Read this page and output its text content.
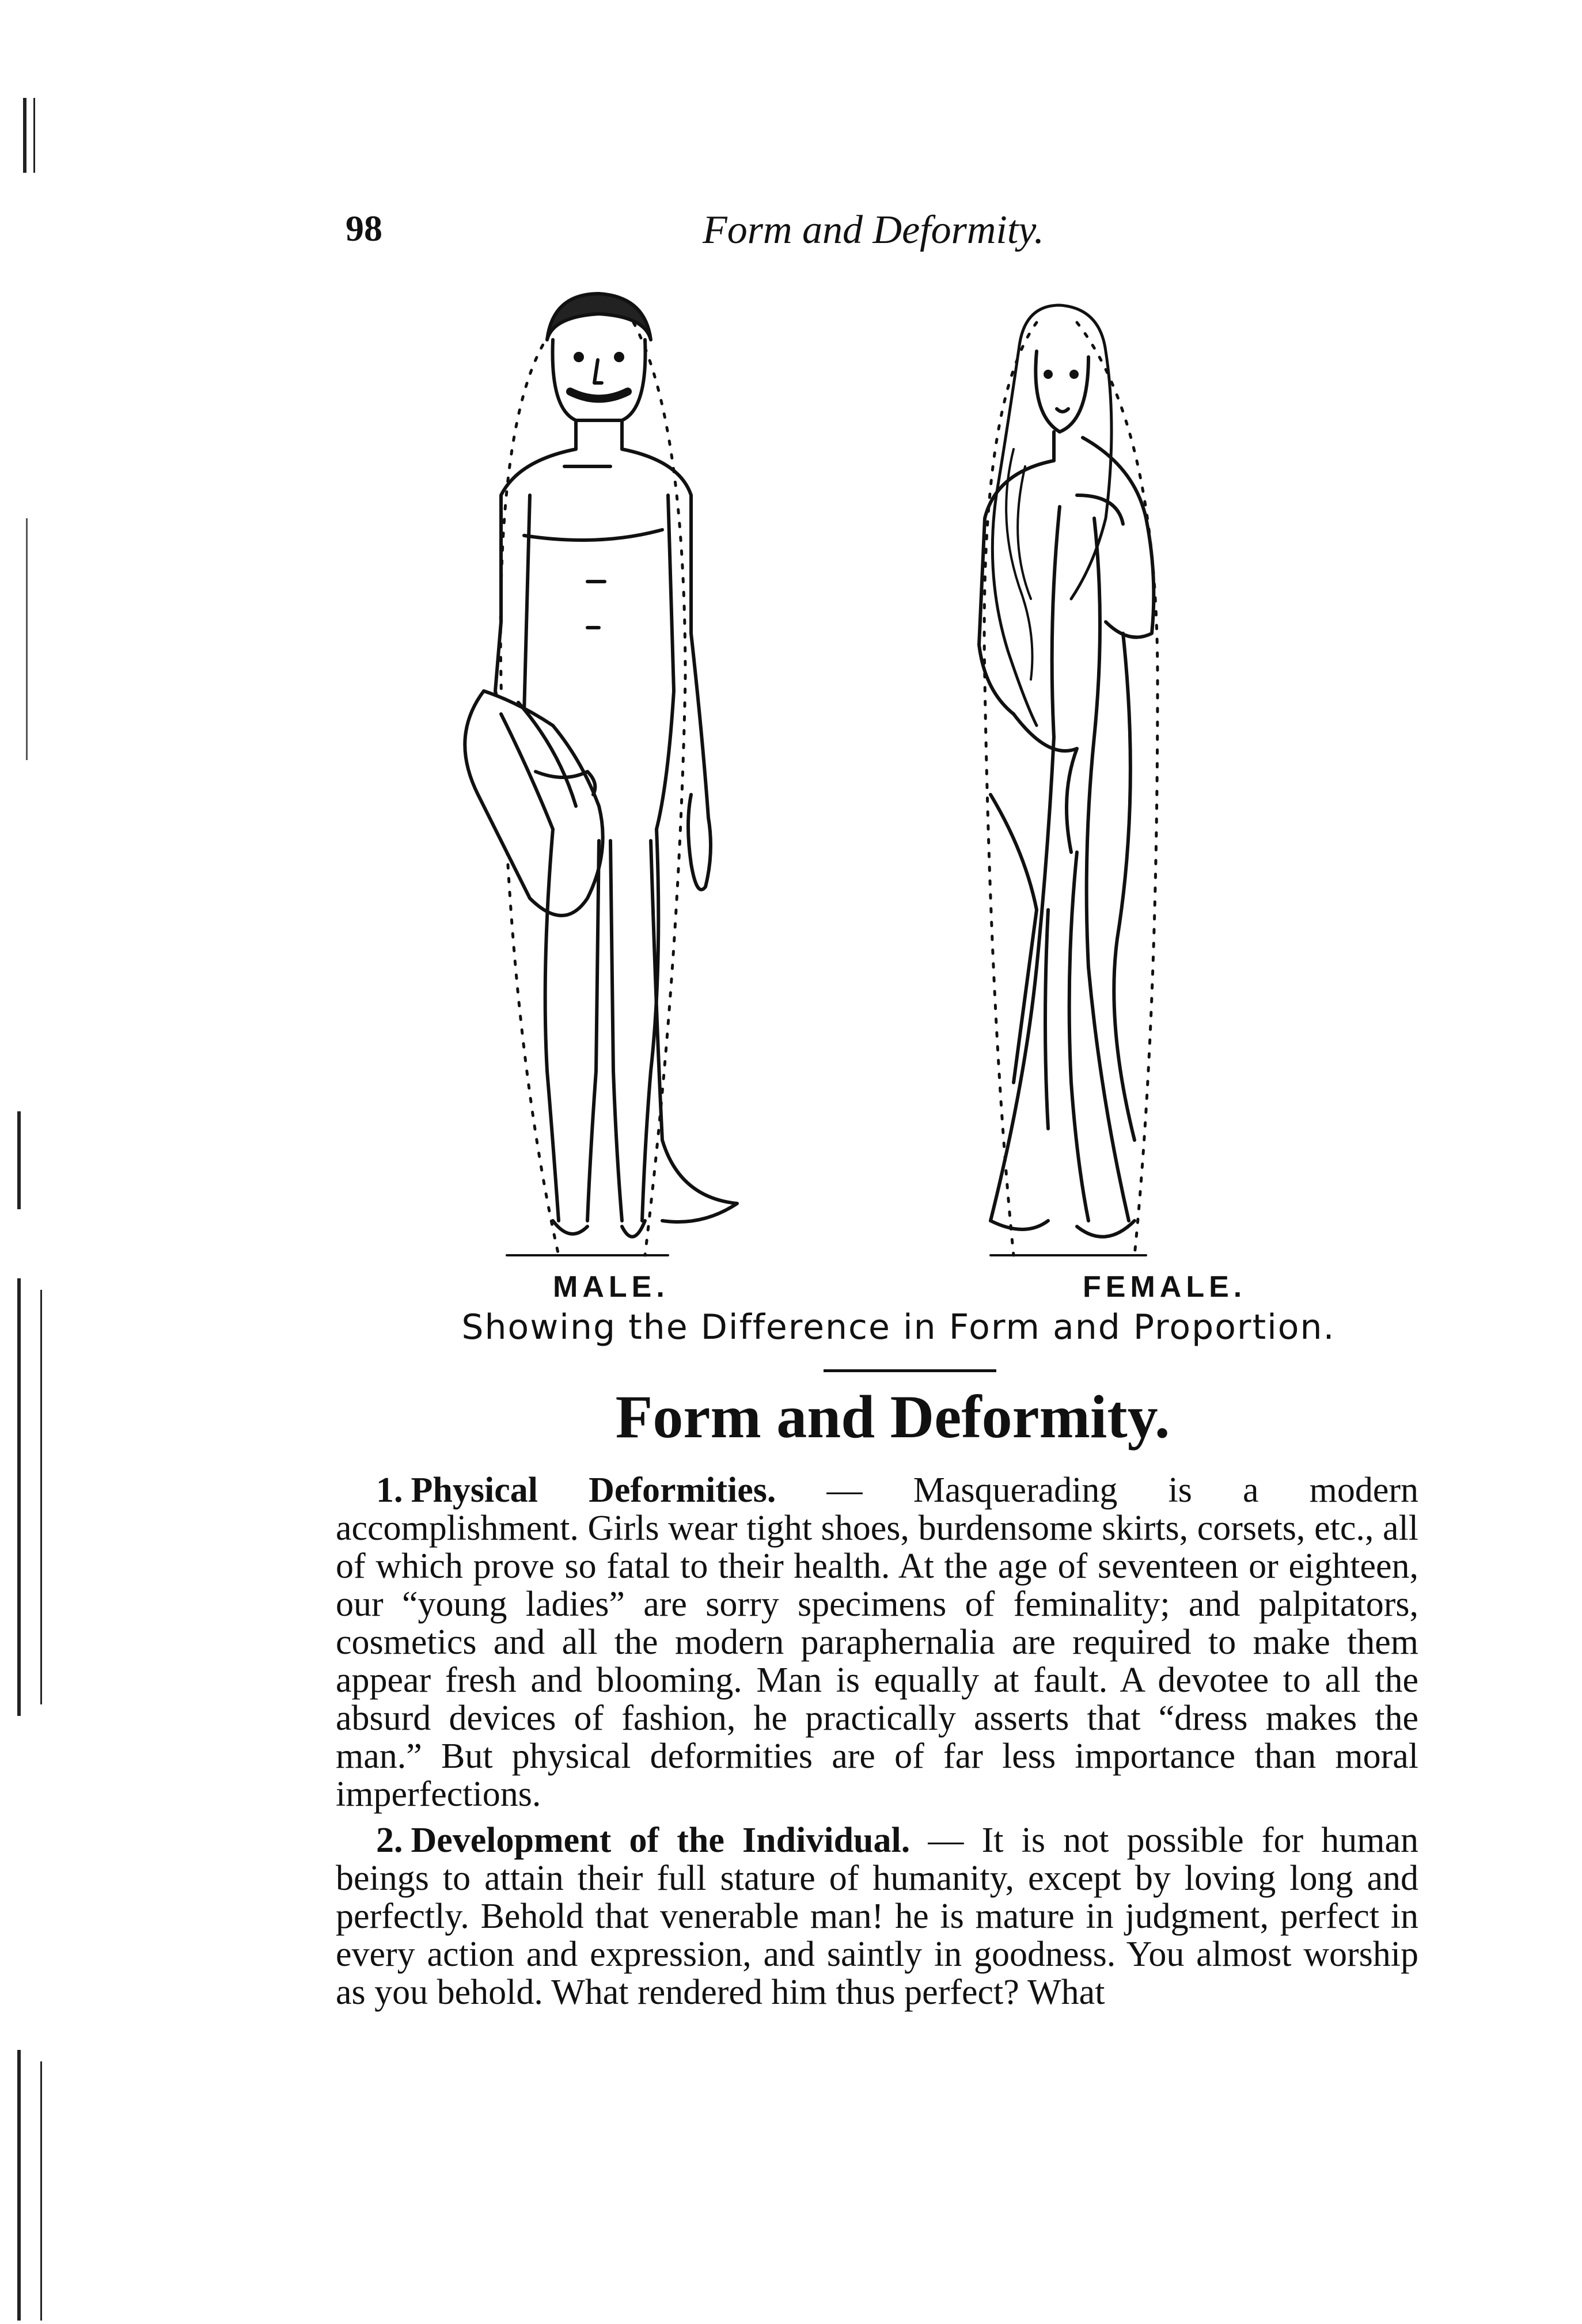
98	Form and Deformity.
MALE.	FEMALE.
Showing the Difference in Form and Proportion.
Form and Deformity.

1. Physical Deformities. — Masquerading is a modern accomplishment. Girls wear tight shoes, burdensome skirts, corsets, etc., all of which prove so fatal to their health. At the age of seventeen or eighteen, our “young ladies” are sorry specimens of feminality; and palpitators, cosmetics and all the modern paraphernalia are required to make them appear fresh and blooming. Man is equally at fault. A devotee to all the absurd devices of fashion, he practically asserts that “dress makes the man.” But physical deformities are of far less importance than moral imperfections.

2. Development of the Individual. — It is not possible for human beings to attain their full stature of humanity, except by loving long and perfectly. Behold that venerable man! he is mature in judgment, perfect in every action and expression, and saintly in goodness. You almost worship as you behold. What rendered him thus perfect? What
